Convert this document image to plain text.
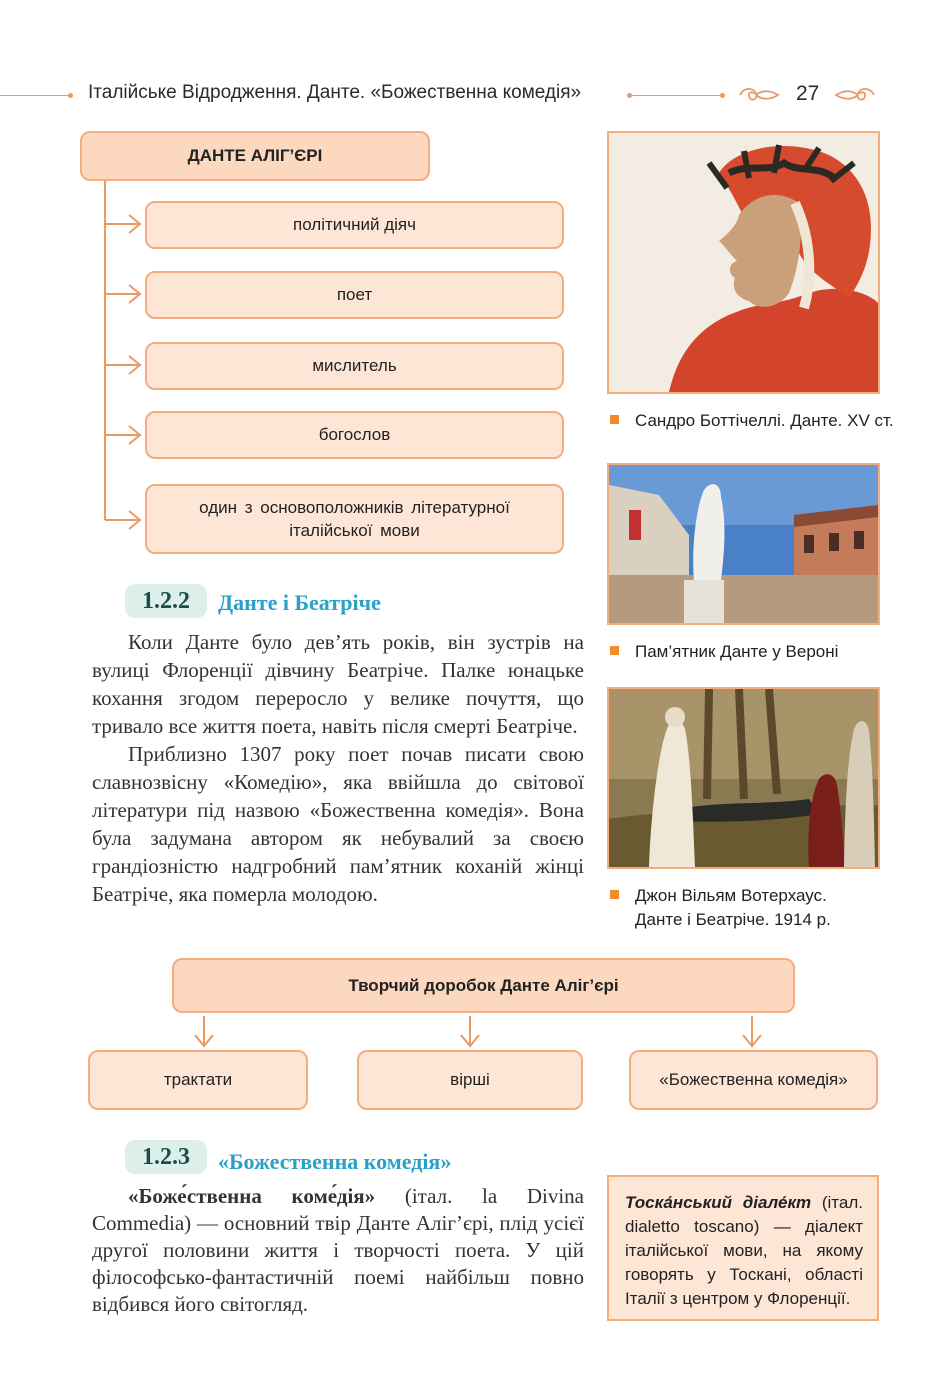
Італійське Відродження. Данте. «Божественна комедія»	27
ДАНТЕ АЛІГ’ЄРІ
політичний діяч
поет
мислитель
богослов
один з основоположників літературної італійської мови
1.2.2	Данте і Беатріче

Коли Данте було дев’ять років, він зустрів на вулиці Флоренції дівчину Беатріче. Палке юнацьке кохання згодом переросло у велике почуття, що тривало все життя поета, навіть після смерті Беатріче.

Приблизно 1307 року поет почав писати свою славнозвісну «Комедію», яка ввійшла до світової літератури під назвою «Божественна комедія». Вона була задумана автором як небувалий за своєю грандіозністю надгробний пам’ятник коханій жінці Беатріче, яка померла молодою.

Сандро Боттічеллі. Данте. XV ст.
Пам’ятник Данте у Вероні
Джон Вільям Вотерхаус.
Данте і Беатріче. 1914 р.
Творчий доробок Данте Аліг’єрі
трактати	вірші	«Божественна комедія»
1.2.3	«Божественна комедія»

«Боже́ственна коме́дія» (італ. la Divina Commedia) — основний твір Данте Аліг’єрі, плід усієї другої половини життя і творчості поета. У цій філософсько-фантастичній поемі найбільш повно відбився його світогляд.

Тоска́нський діале́кт (італ. dialetto toscano) — діалект італійської мови, на якому говорять у Тоскані, області Італії з центром у Флоренції.
